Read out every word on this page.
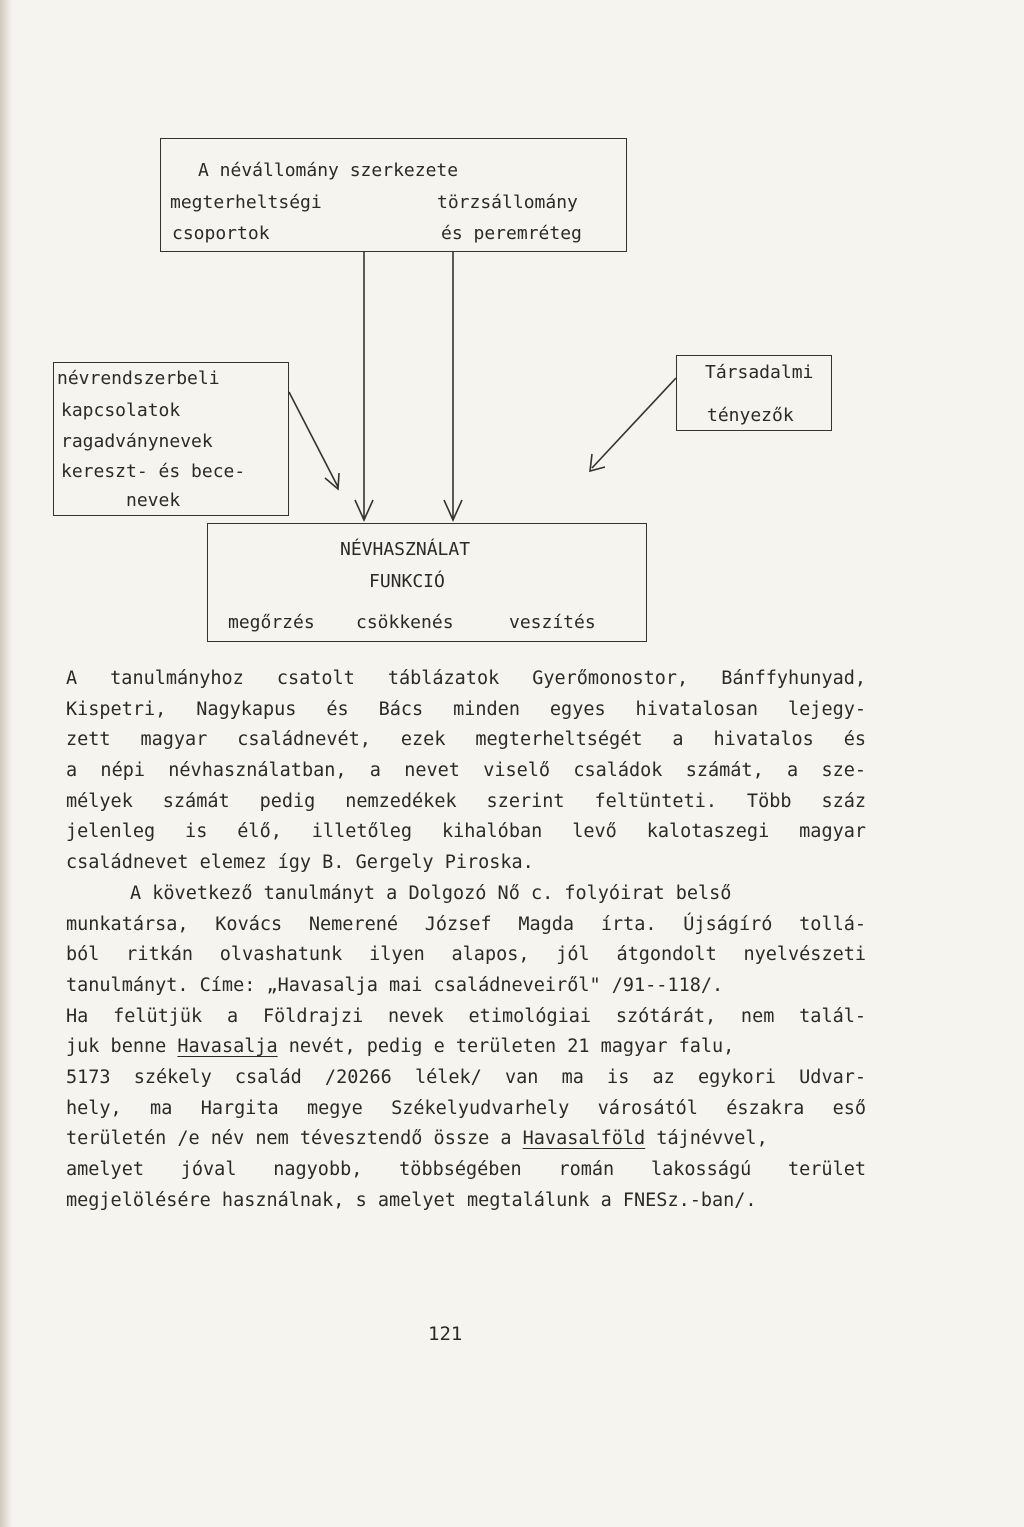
A névállomány szerkezete
megterheltségi
csoportok
törzsállomány
és peremréteg
névrendszerbeli
kapcsolatok
ragadványnevek
kereszt- és bece-
nevek
Társadalmi
tényezők
NÉVHASZNÁLAT
FUNKCIÓ
megőrzés csökkenés	veszítés
A tanulmányhoz csatolt táblázatok Gyerőmonostor, Bánffyhunyad,
Kispetri, Nagykapus és Bács minden egyes hivatalosan lejegy-
zett magyar családnevét, ezek megterheltségét a hivatalos és
a népi névhasználatban, a nevet viselő családok számát, a sze-
mélyek számát pedig nemzedékek szerint feltünteti. Több száz
jelenleg is élő, illetőleg kihalóban levő kalotaszegi magyar
családnevet elemez így B. Gergely Piroska.
A következő tanulmányt a Dolgozó Nő c. folyóirat belső
munkatársa, Kovács Nemerené József Magda írta. Újságíró tollá-
ból ritkán olvashatunk ilyen alapos, jól átgondolt nyelvészeti
tanulmányt. Címe: „Havasalja mai családneveiről" /91--118/.
Ha felütjük a Földrajzi nevek etimológiai szótárát, nem talál-
juk benne Havasalja nevét, pedig e területen 21 magyar falu,
5173 székely család /20266 lélek/ van ma is az egykori Udvar-
hely, ma Hargita megye Székelyudvarhely városától északra eső
területén /e név nem tévesztendő össze a Havasalföld tájnévvel,
amelyet jóval nagyobb, többségében román lakosságú terület
megjelölésére használnak, s amelyet megtalálunk a FNESz.-ban/.
121
